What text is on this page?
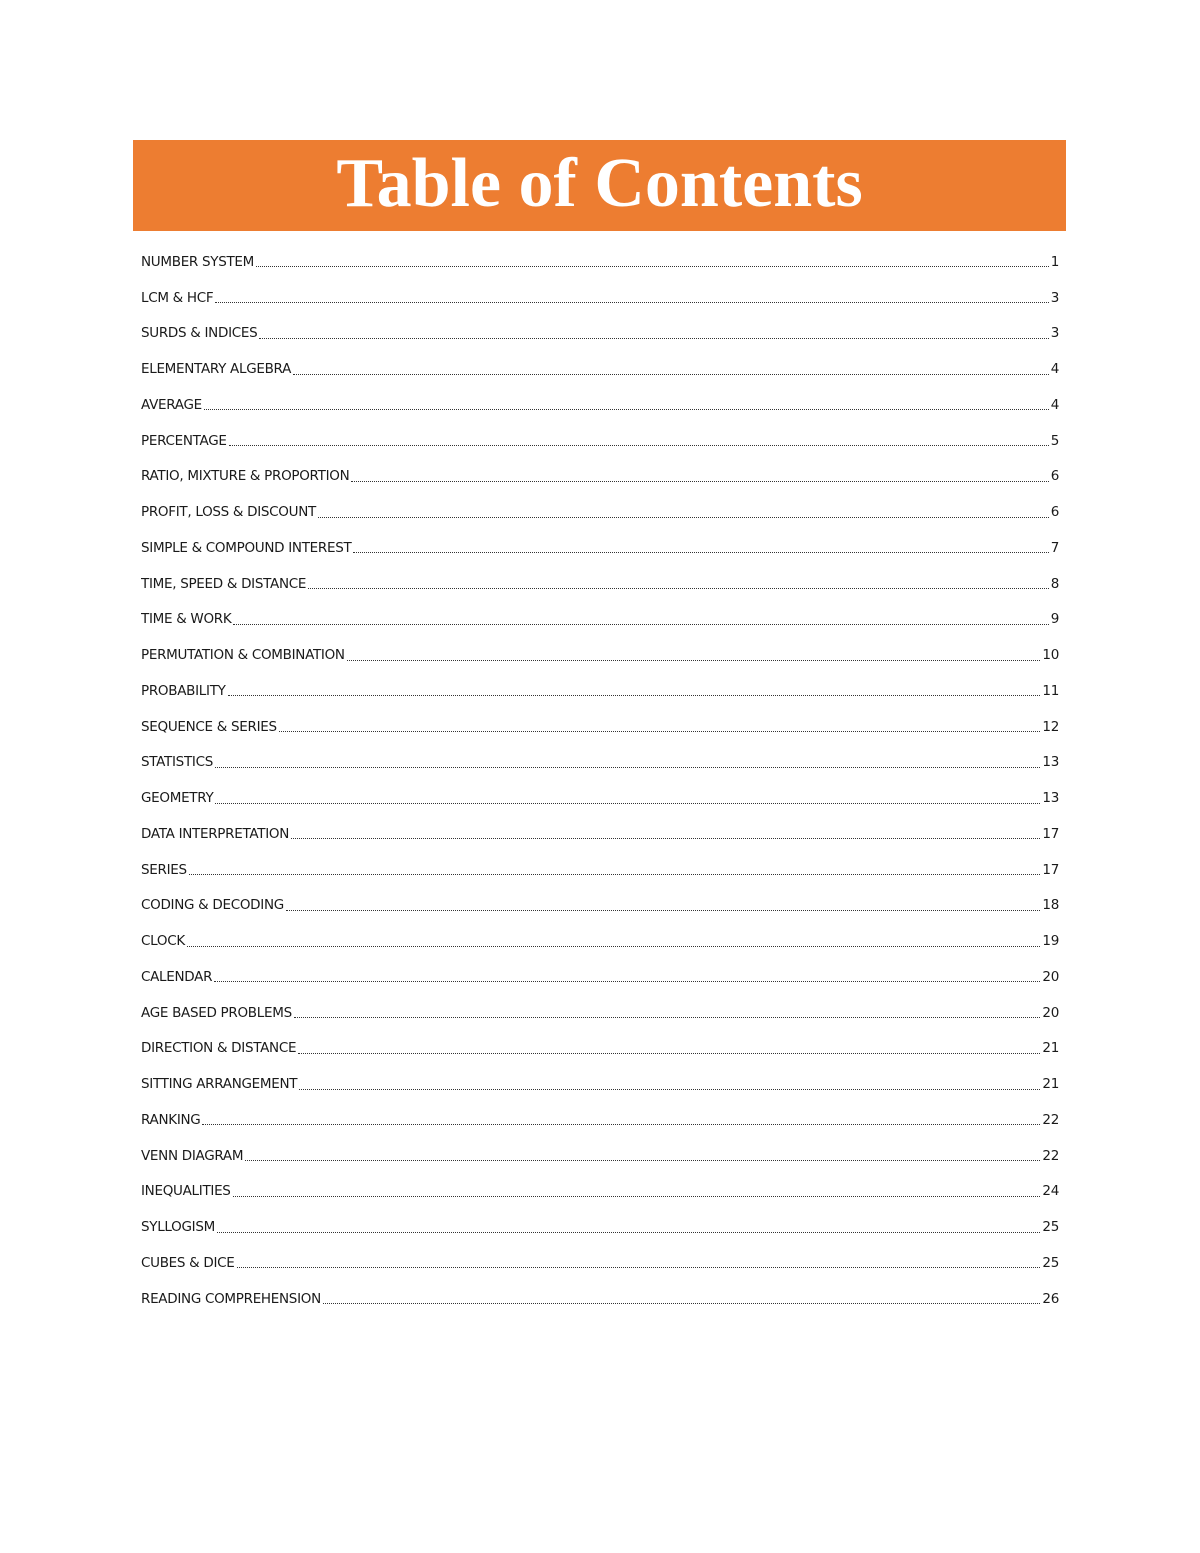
Table of Contents
NUMBER SYSTEM	1
LCM & HCF	3
SURDS & INDICES	3
ELEMENTARY ALGEBRA	4
AVERAGE	4
PERCENTAGE	5
RATIO, MIXTURE & PROPORTION	6
PROFIT, LOSS & DISCOUNT	6
SIMPLE & COMPOUND INTEREST	7
TIME, SPEED & DISTANCE	8
TIME & WORK	9
PERMUTATION & COMBINATION	10
PROBABILITY	11
SEQUENCE & SERIES	12
STATISTICS	13
GEOMETRY	13
DATA INTERPRETATION	17
SERIES	17
CODING & DECODING	18
CLOCK	19
CALENDAR	20
AGE BASED PROBLEMS	20
DIRECTION & DISTANCE	21
SITTING ARRANGEMENT	21
RANKING	22
VENN DIAGRAM	22
INEQUALITIES	24
SYLLOGISM	25
CUBES & DICE	25
READING COMPREHENSION	26
